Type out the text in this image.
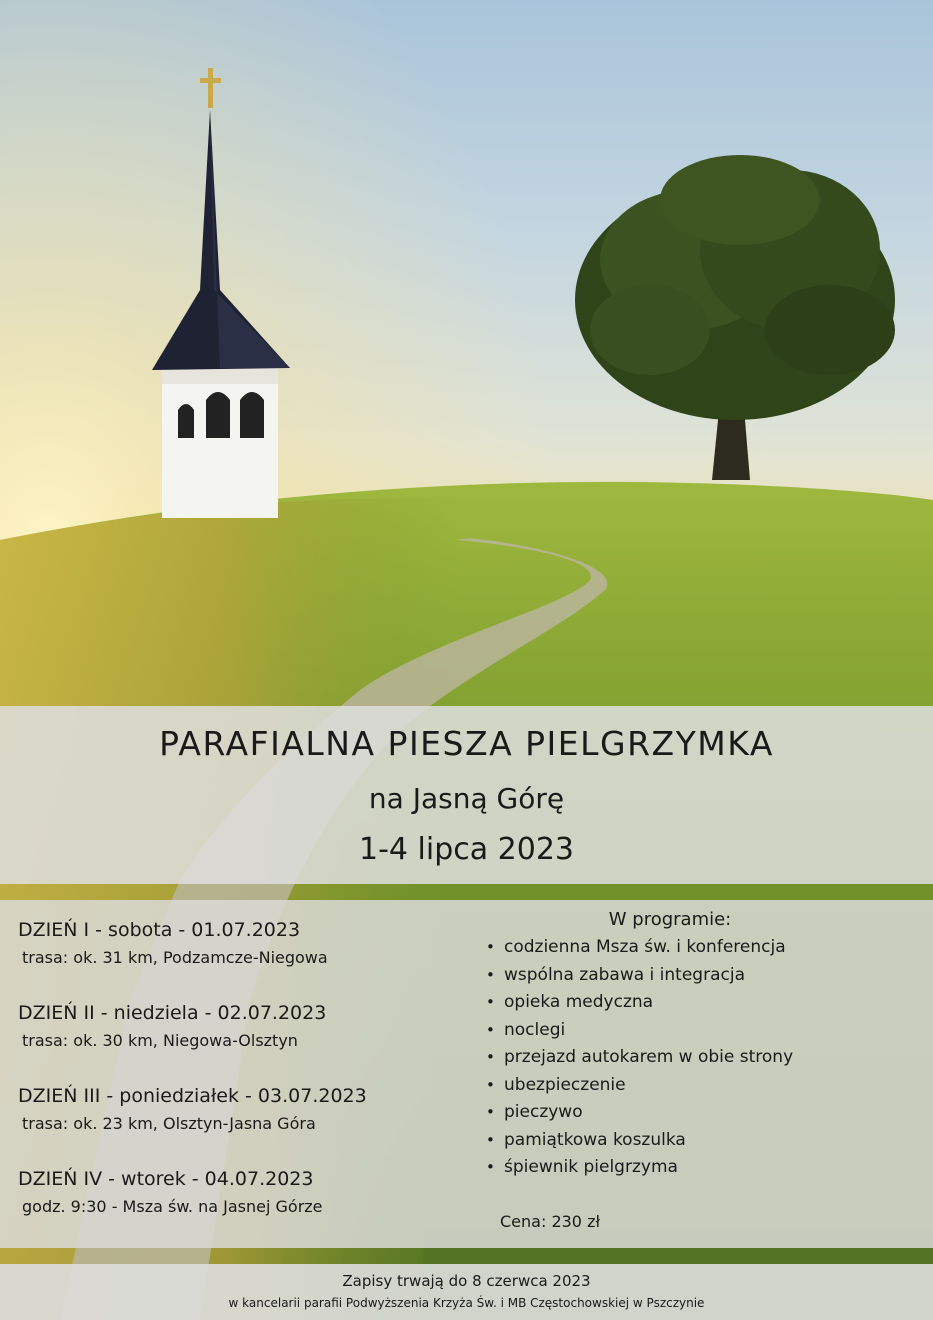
PARAFIALNA PIESZA PIELGRZYMKA
na Jasną Górę
1-4 lipca 2023

DZIEŃ I - sobota - 01.07.2023

trasa: ok. 31 km, Podzamcze-Niegowa

DZIEŃ II - niedziela - 02.07.2023

trasa: ok. 30 km, Niegowa-Olsztyn

DZIEŃ III - poniedziałek - 03.07.2023

trasa: ok. 23 km, Olsztyn-Jasna Góra

DZIEŃ IV - wtorek - 04.07.2023

godz. 9:30 - Msza św. na Jasnej Górze

W programie:
• codzienna Msza św. i konferencja
• wspólna zabawa i integracja
• opieka medyczna
• noclegi
• przejazd autokarem w obie strony
• ubezpieczenie
• pieczywo
• pamiątkowa koszulka
• śpiewnik pielgrzyma
Cena: 230 zł
Zapisy trwają do 8 czerwca 2023
w kancelarii parafii Podwyższenia Krzyża Św. i MB Częstochowskiej w Pszczynie
